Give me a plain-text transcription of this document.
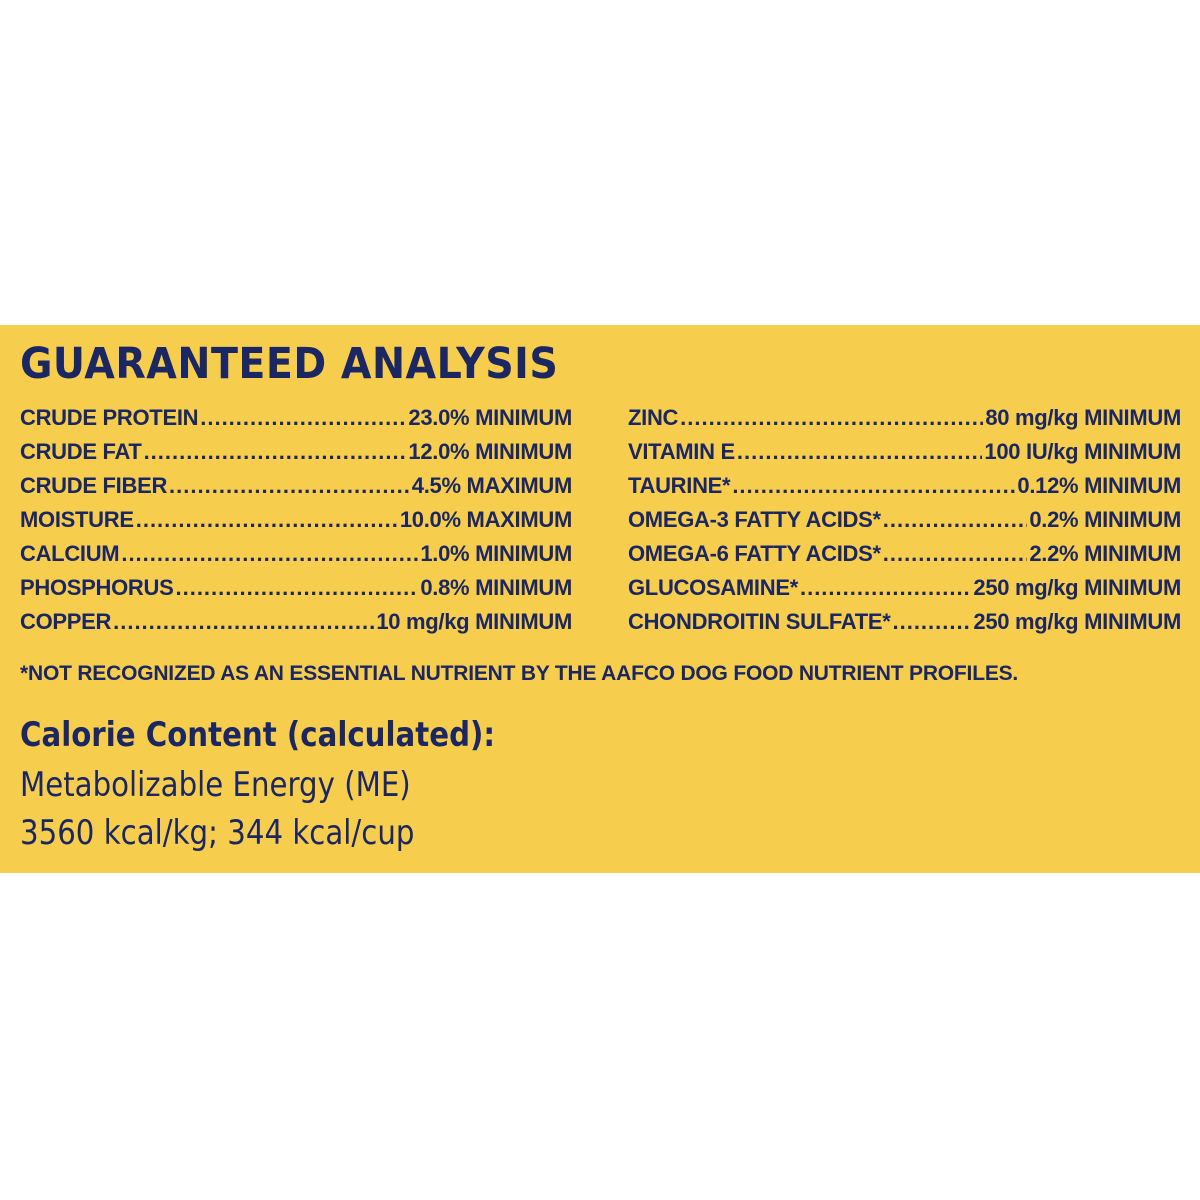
GUARANTEED ANALYSIS
CRUDE PROTEIN .....	23.0% MINIMUM
CRUDE FAT .....	12.0% MINIMUM
CRUDE FIBER .....	4.5% MAXIMUM
MOISTURE .....	10.0% MAXIMUM
CALCIUM .....	1.0% MINIMUM
PHOSPHORUS .....	0.8% MINIMUM
COPPER .....	10 mg/kg MINIMUM
ZINC .....	80 mg/kg MINIMUM
VITAMIN E .....	100 IU/kg MINIMUM
TAURINE* .....	0.12% MINIMUM
OMEGA-3 FATTY ACIDS* .....	0.2% MINIMUM
OMEGA-6 FATTY ACIDS* .....	2.2% MINIMUM
GLUCOSAMINE* .....	250 mg/kg MINIMUM
CHONDROITIN SULFATE* .....	250 mg/kg MINIMUM
*NOT RECOGNIZED AS AN ESSENTIAL NUTRIENT BY THE AAFCO DOG FOOD NUTRIENT PROFILES.
Calorie Content (calculated):
Metabolizable Energy (ME)
3560 kcal/kg; 344 kcal/cup
